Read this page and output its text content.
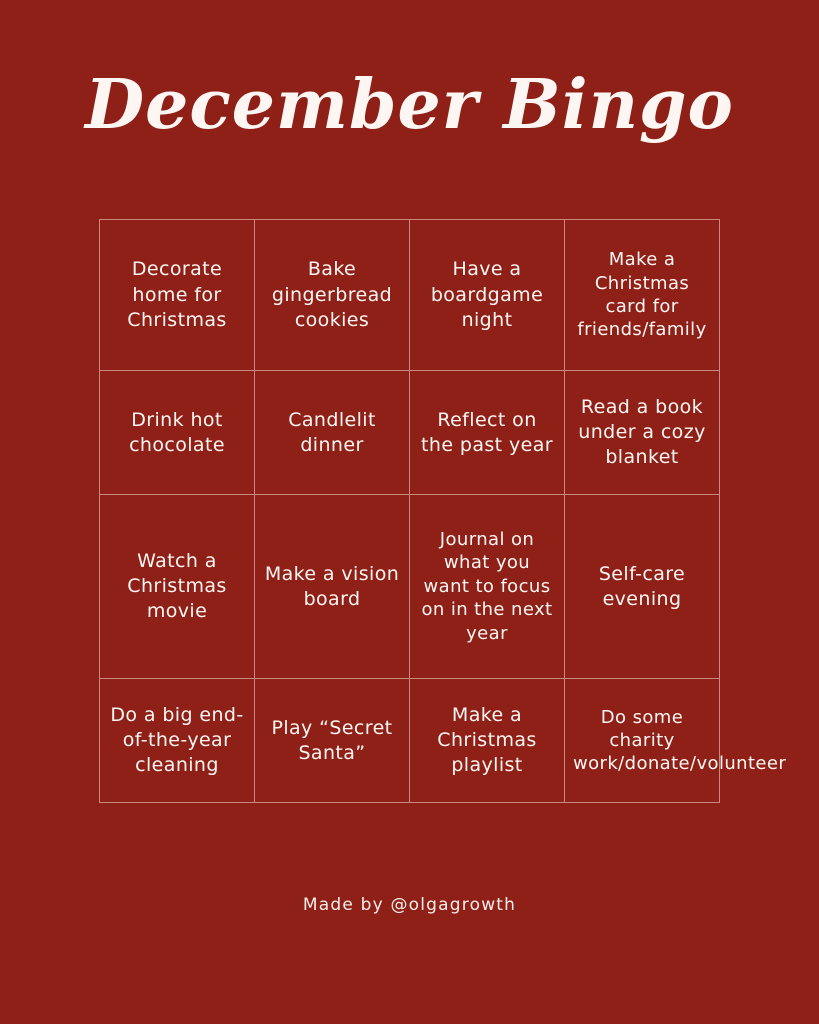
December Bingo
Decorate home for Christmas	Bake gingerbread cookies	Have a boardgame night	Make a Christmas card for friends/family
Drink hot chocolate	Candlelit dinner	Reflect on the past year	Read a book under a cozy blanket
Watch a Christmas movie	Make a vision board	Journal on what you want to focus on in the next year	Self-care evening
Do a big end-of-the-year cleaning	Play “Secret Santa”	Make a Christmas playlist	Do some charity work/donate/volunteer
Made by @olgagrowth
